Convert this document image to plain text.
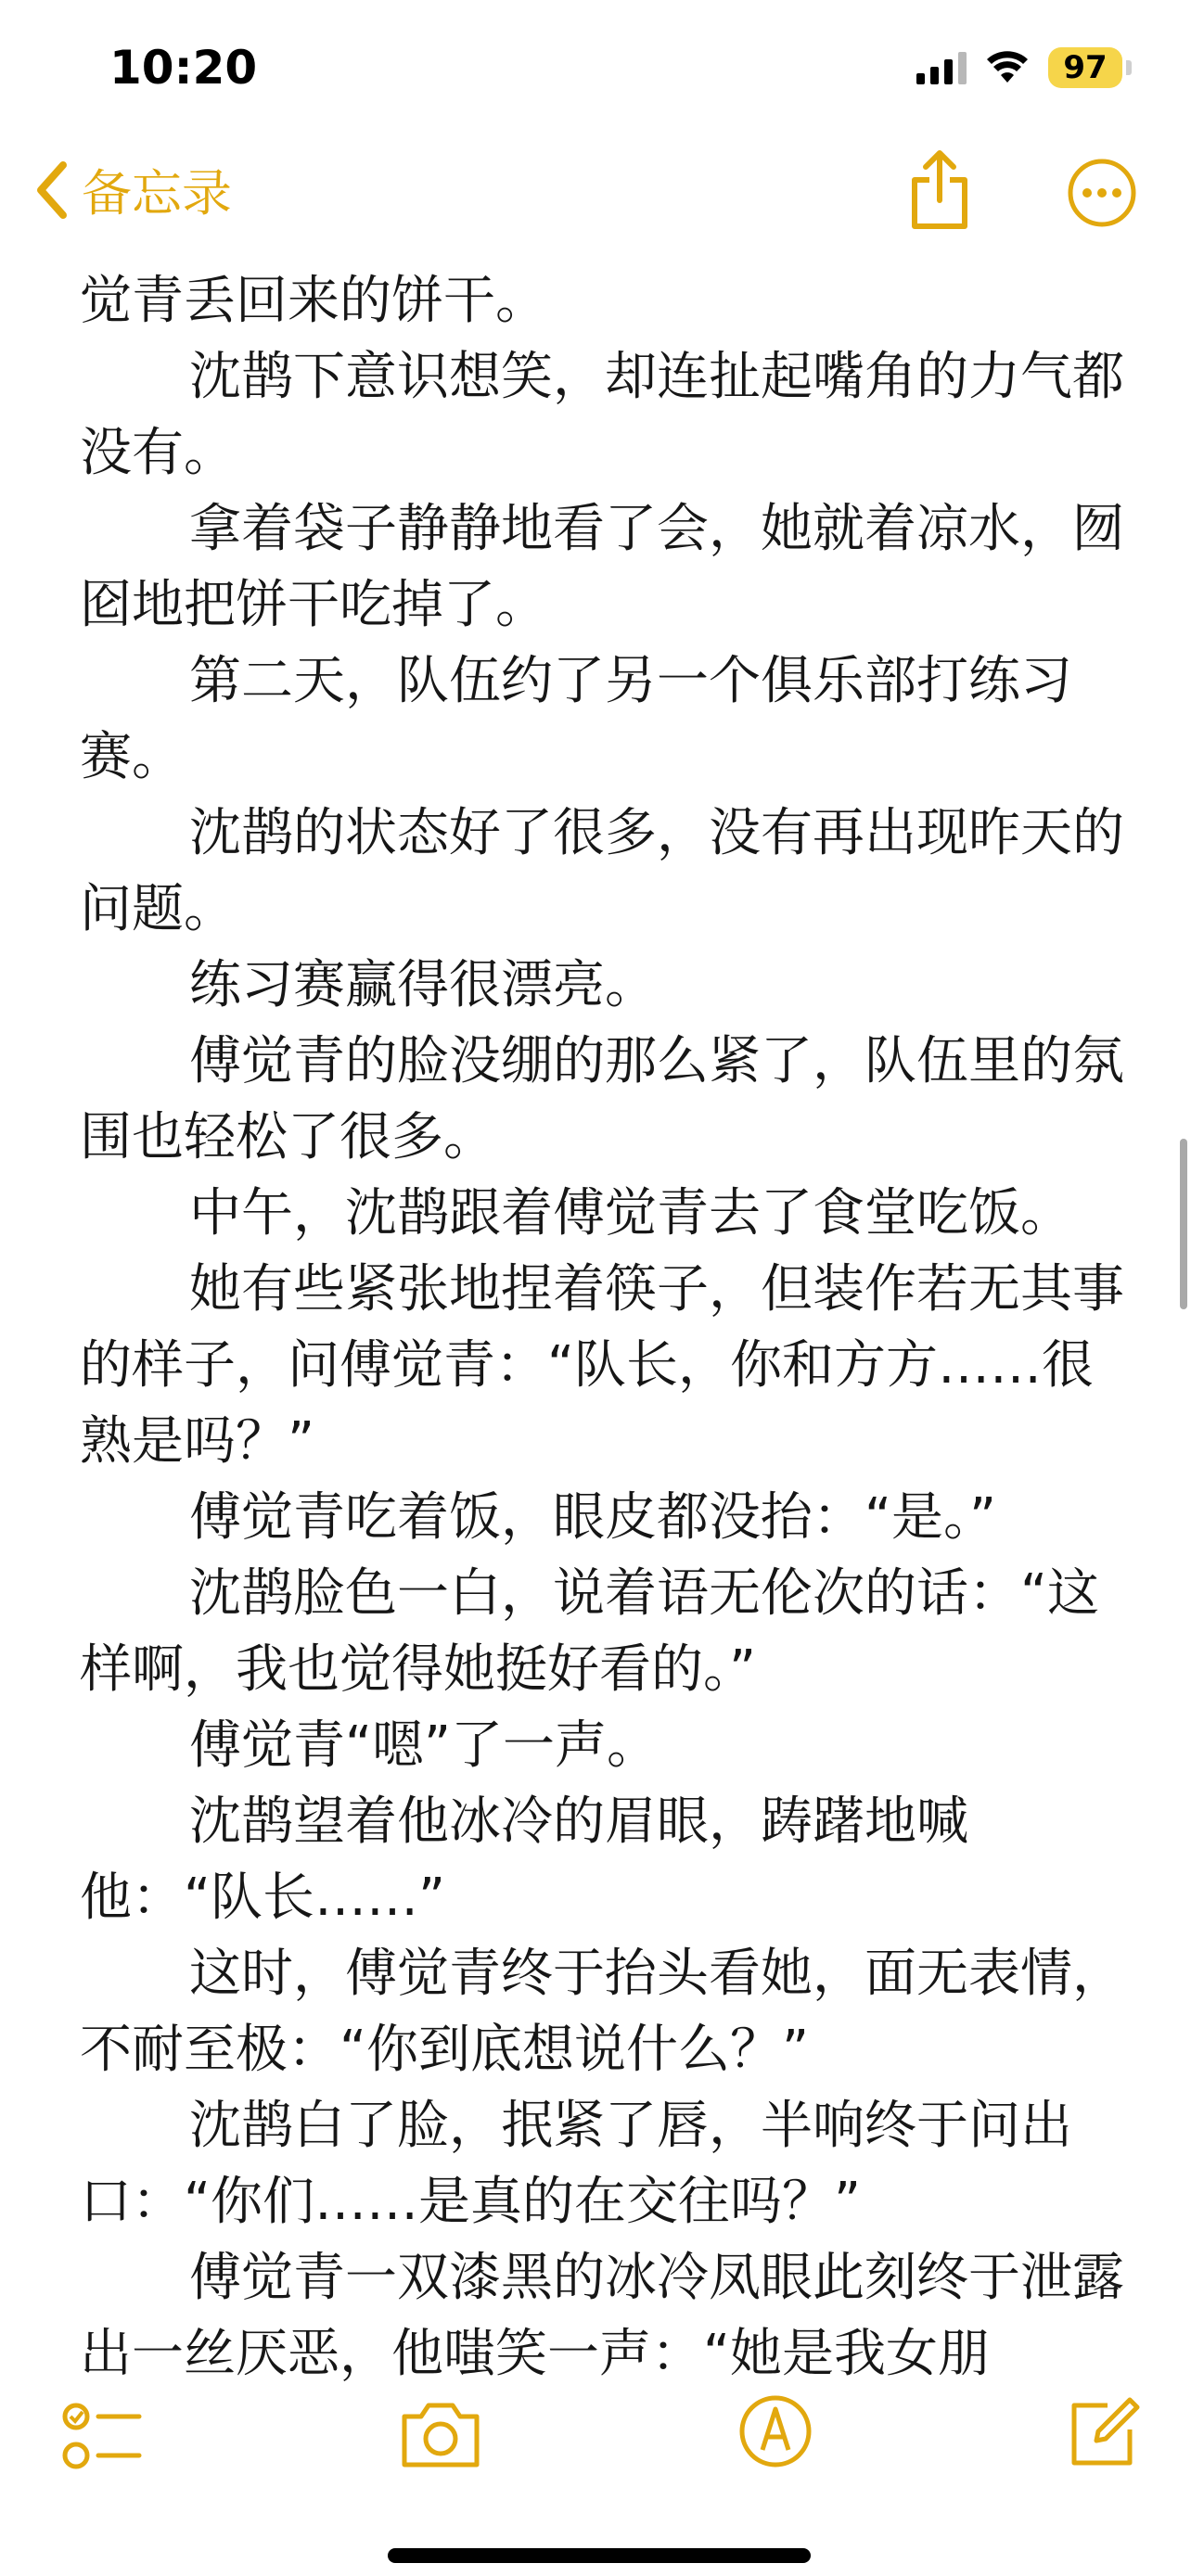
10:20	97
备忘录

觉青丢回来的饼干。

沈鹊下意识想笑，却连扯起嘴角的力气都没有。

拿着袋子静静地看了会，她就着凉水，囫囵地把饼干吃掉了。

第二天，队伍约了另一个俱乐部打练习赛。

沈鹊的状态好了很多，没有再出现昨天的问题。

练习赛赢得很漂亮。

傅觉青的脸没绷的那么紧了，队伍里的氛围也轻松了很多。

中午，沈鹊跟着傅觉青去了食堂吃饭。

她有些紧张地捏着筷子，但装作若无其事的样子，问傅觉青：“队长，你和方方……很熟是吗？”

傅觉青吃着饭，眼皮都没抬：“是。”

沈鹊脸色一白，说着语无伦次的话：“这样啊，我也觉得她挺好看的。”

傅觉青“嗯”了一声。

沈鹊望着他冰冷的眉眼，踌躇地喊他：“队长……”

这时，傅觉青终于抬头看她，面无表情，不耐至极：“你到底想说什么？”

沈鹊白了脸，抿紧了唇，半响终于问出口：“你们……是真的在交往吗？”

傅觉青一双漆黑的冰冷凤眼此刻终于泄露出一丝厌恶，他嗤笑一声：“她是我女朋
